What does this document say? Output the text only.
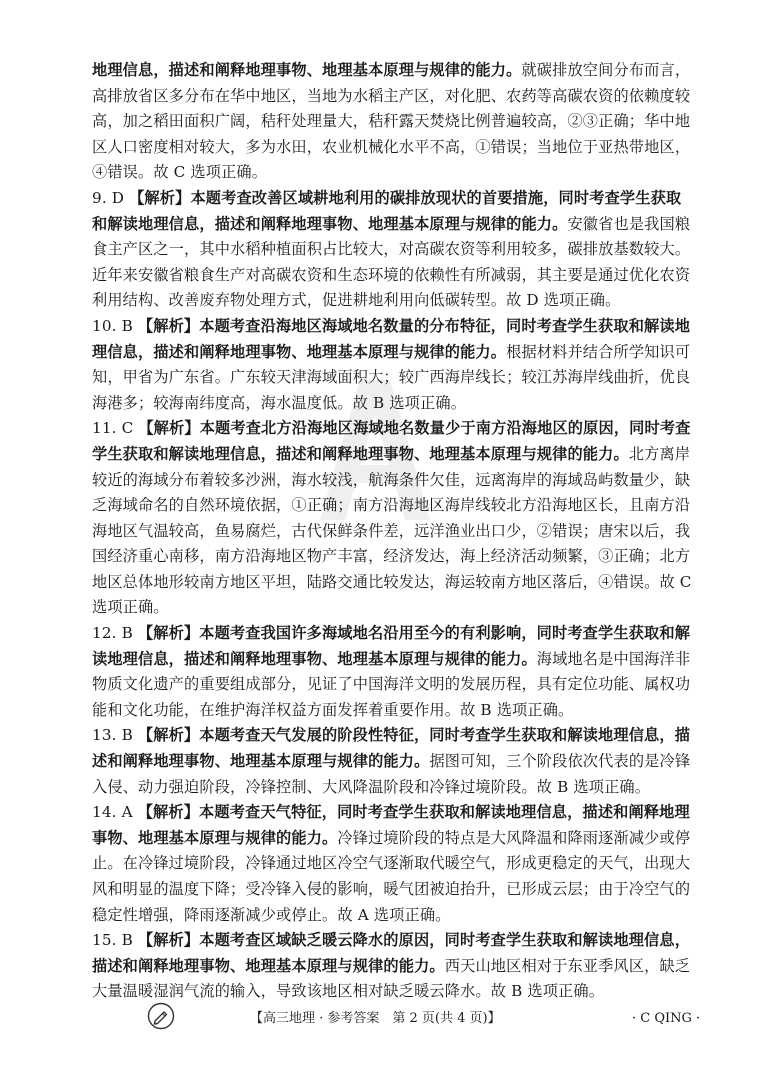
地理信息，描述和阐释地理事物、地理基本原理与规律的能力。就碳排放空间分布而言，高排放省区多分布在华中地区，当地为水稻主产区，对化肥、农药等高碳农资的依赖度较高，加之稻田面积广阔，秸秆处理量大，秸秆露天焚烧比例普遍较高，②③正确；华中地区人口密度相对较大，多为水田，农业机械化水平不高，①错误；当地位于亚热带地区，④错误。故 C 选项正确。

9. D 【解析】本题考查改善区域耕地利用的碳排放现状的首要措施，同时考查学生获取和解读地理信息，描述和阐释地理事物、地理基本原理与规律的能力。安徽省也是我国粮食主产区之一，其中水稻种植面积占比较大，对高碳农资等利用较多，碳排放基数较大。近年来安徽省粮食生产对高碳农资和生态环境的依赖性有所减弱，其主要是通过优化农资利用结构、改善废弃物处理方式，促进耕地利用向低碳转型。故 D 选项正确。

10. B 【解析】本题考查沿海地区海域地名数量的分布特征，同时考查学生获取和解读地理信息，描述和阐释地理事物、地理基本原理与规律的能力。根据材料并结合所学知识可知，甲省为广东省。广东较天津海域面积大；较广西海岸线长；较江苏海岸线曲折，优良海港多；较海南纬度高，海水温度低。故 B 选项正确。

11. C 【解析】本题考查北方沿海地区海域地名数量少于南方沿海地区的原因，同时考查学生获取和解读地理信息，描述和阐释地理事物、地理基本原理与规律的能力。北方离岸较近的海域分布着较多沙洲，海水较浅，航海条件欠佳，远离海岸的海域岛屿数量少，缺乏海域命名的自然环境依据，①正确；南方沿海地区海岸线较北方沿海地区长，且南方沿海地区气温较高，鱼易腐烂，古代保鲜条件差，远洋渔业出口少，②错误；唐宋以后，我国经济重心南移，南方沿海地区物产丰富，经济发达，海上经济活动频繁，③正确；北方地区总体地形较南方地区平坦，陆路交通比较发达，海运较南方地区落后，④错误。故 C 选项正确。

12. B 【解析】本题考查我国许多海域地名沿用至今的有利影响，同时考查学生获取和解读地理信息，描述和阐释地理事物、地理基本原理与规律的能力。海域地名是中国海洋非物质文化遗产的重要组成部分，见证了中国海洋文明的发展历程，具有定位功能、属权功能和文化功能，在维护海洋权益方面发挥着重要作用。故 B 选项正确。

13. B 【解析】本题考查天气发展的阶段性特征，同时考查学生获取和解读地理信息，描述和阐释地理事物、地理基本原理与规律的能力。据图可知，三个阶段依次代表的是冷锋入侵、动力强迫阶段，冷锋控制、大风降温阶段和冷锋过境阶段。故 B 选项正确。

14. A 【解析】本题考查天气特征，同时考查学生获取和解读地理信息，描述和阐释地理事物、地理基本原理与规律的能力。冷锋过境阶段的特点是大风降温和降雨逐渐减少或停止。在冷锋过境阶段，冷锋通过地区冷空气逐渐取代暖空气，形成更稳定的天气，出现大风和明显的温度下降；受冷锋入侵的影响，暖气团被迫抬升，已形成云层；由于冷空气的稳定性增强，降雨逐渐减少或停止。故 A 选项正确。

15. B 【解析】本题考查区域缺乏暖云降水的原因，同时考查学生获取和解读地理信息，描述和阐释地理事物、地理基本原理与规律的能力。西天山地区相对于东亚季风区，缺乏大量温暖湿润气流的输入，导致该地区相对缺乏暖云降水。故 B 选项正确。

【高三地理 · 参考答案　第 2 页(共 4 页)】	· C QING ·
